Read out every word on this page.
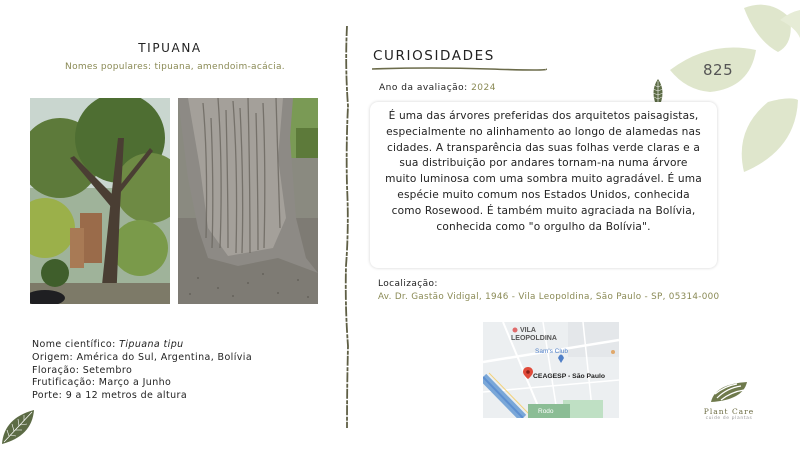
TIPUANA
Nomes populares: tipuana, amendoim-acácia.
Nome científico: Tipuana tipu
Origem: América do Sul, Argentina, Bolívia
Floração: Setembro
Frutificação: Março a Junho
Porte: 9 a 12 metros de altura
CURIOSIDADES
Ano da avaliação: 2024

É uma das árvores preferidas dos arquitetos paisagistas, especialmente no alinhamento ao longo de alamedas nas cidades. A transparência das suas folhas verde claras e a sua distribuição por andares tornam-na numa árvore muito luminosa com uma sombra muito agradável. É uma espécie muito comum nos Estados Unidos, conhecida como Rosewood. É também muito agraciada na Bolívia, conhecida como "o orgulho da Bolívia".

Localização:
Av. Dr. Gastão Vidigal, 1946 - Vila Leopoldina, São Paulo - SP, 05314-000
VILA
LEOPOLDINA
Sam's Club
CEAGESP - São Paulo
Rodo
825
Plant Care
cuide de plantas
